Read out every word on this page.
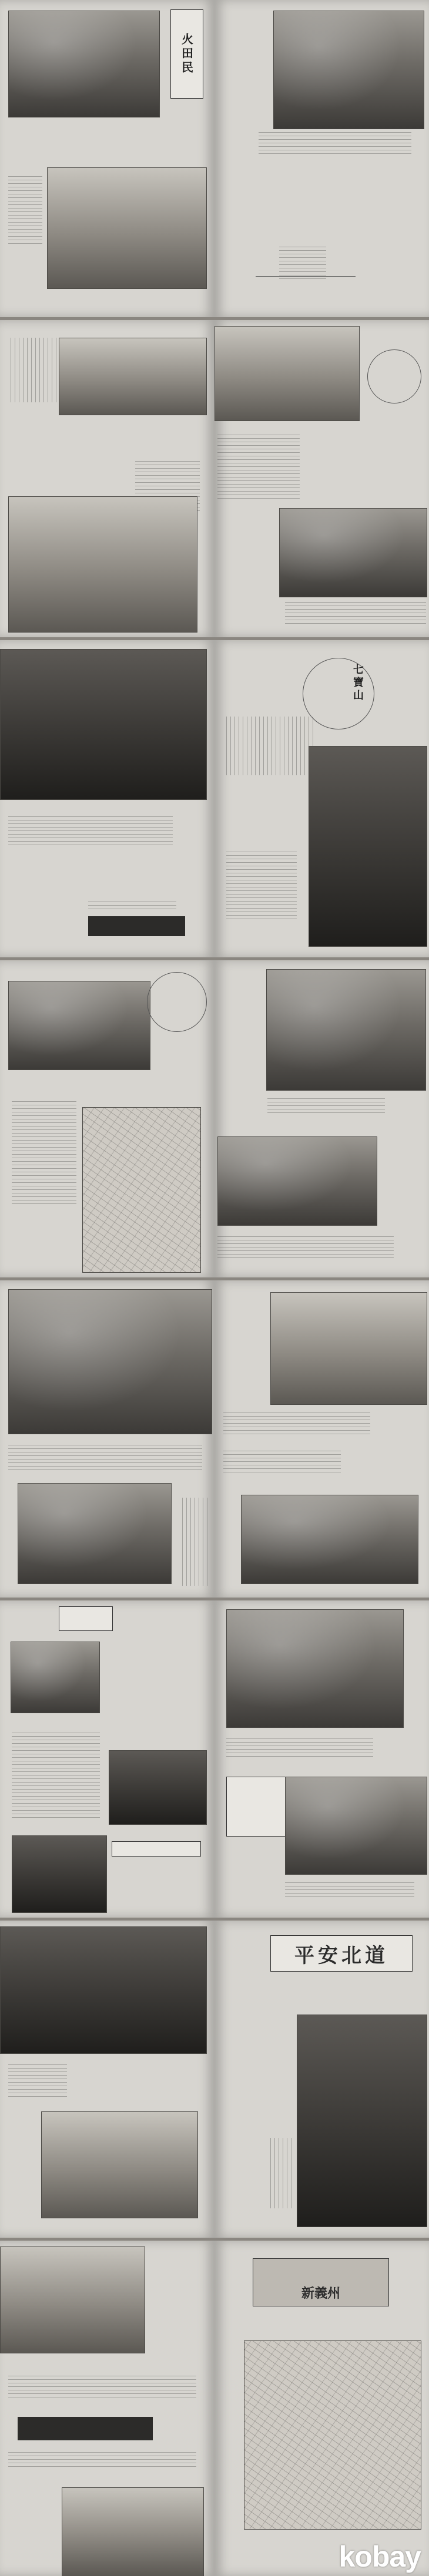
火田民
七寶山
平安北道
新義州
kobay
